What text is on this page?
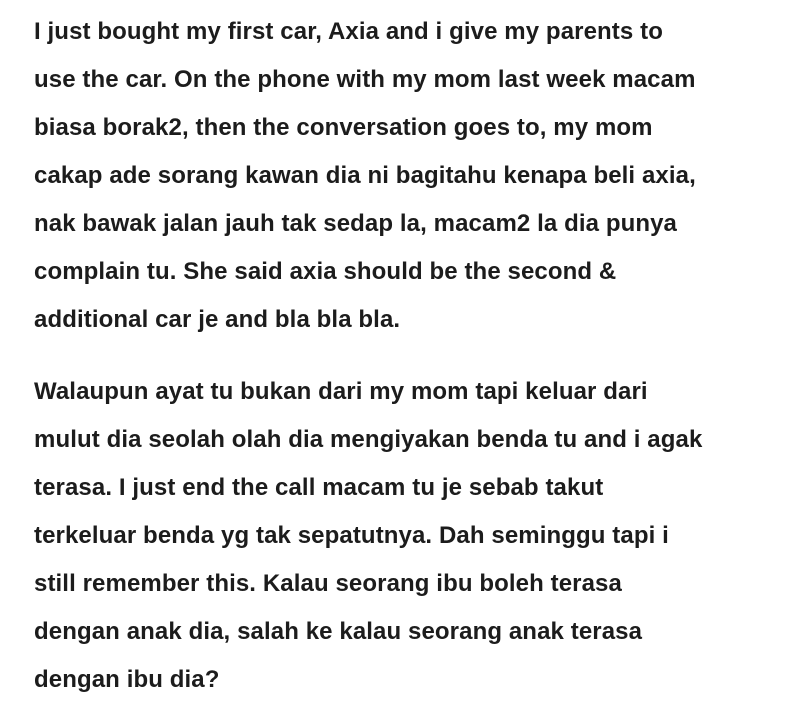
I just bought my first car, Axia and i give my parents to
use the car. On the phone with my mom last week macam
biasa borak2, then the conversation goes to, my mom
cakap ade sorang kawan dia ni bagitahu kenapa beli axia,
nak bawak jalan jauh tak sedap la, macam2 la dia punya
complain tu. She said axia should be the second &
additional car je and bla bla bla.

Walaupun ayat tu bukan dari my mom tapi keluar dari
mulut dia seolah olah dia mengiyakan benda tu and i agak
terasa. I just end the call macam tu je sebab takut
terkeluar benda yg tak sepatutnya. Dah seminggu tapi i
still remember this. Kalau seorang ibu boleh terasa
dengan anak dia, salah ke kalau seorang anak terasa
dengan ibu dia?
